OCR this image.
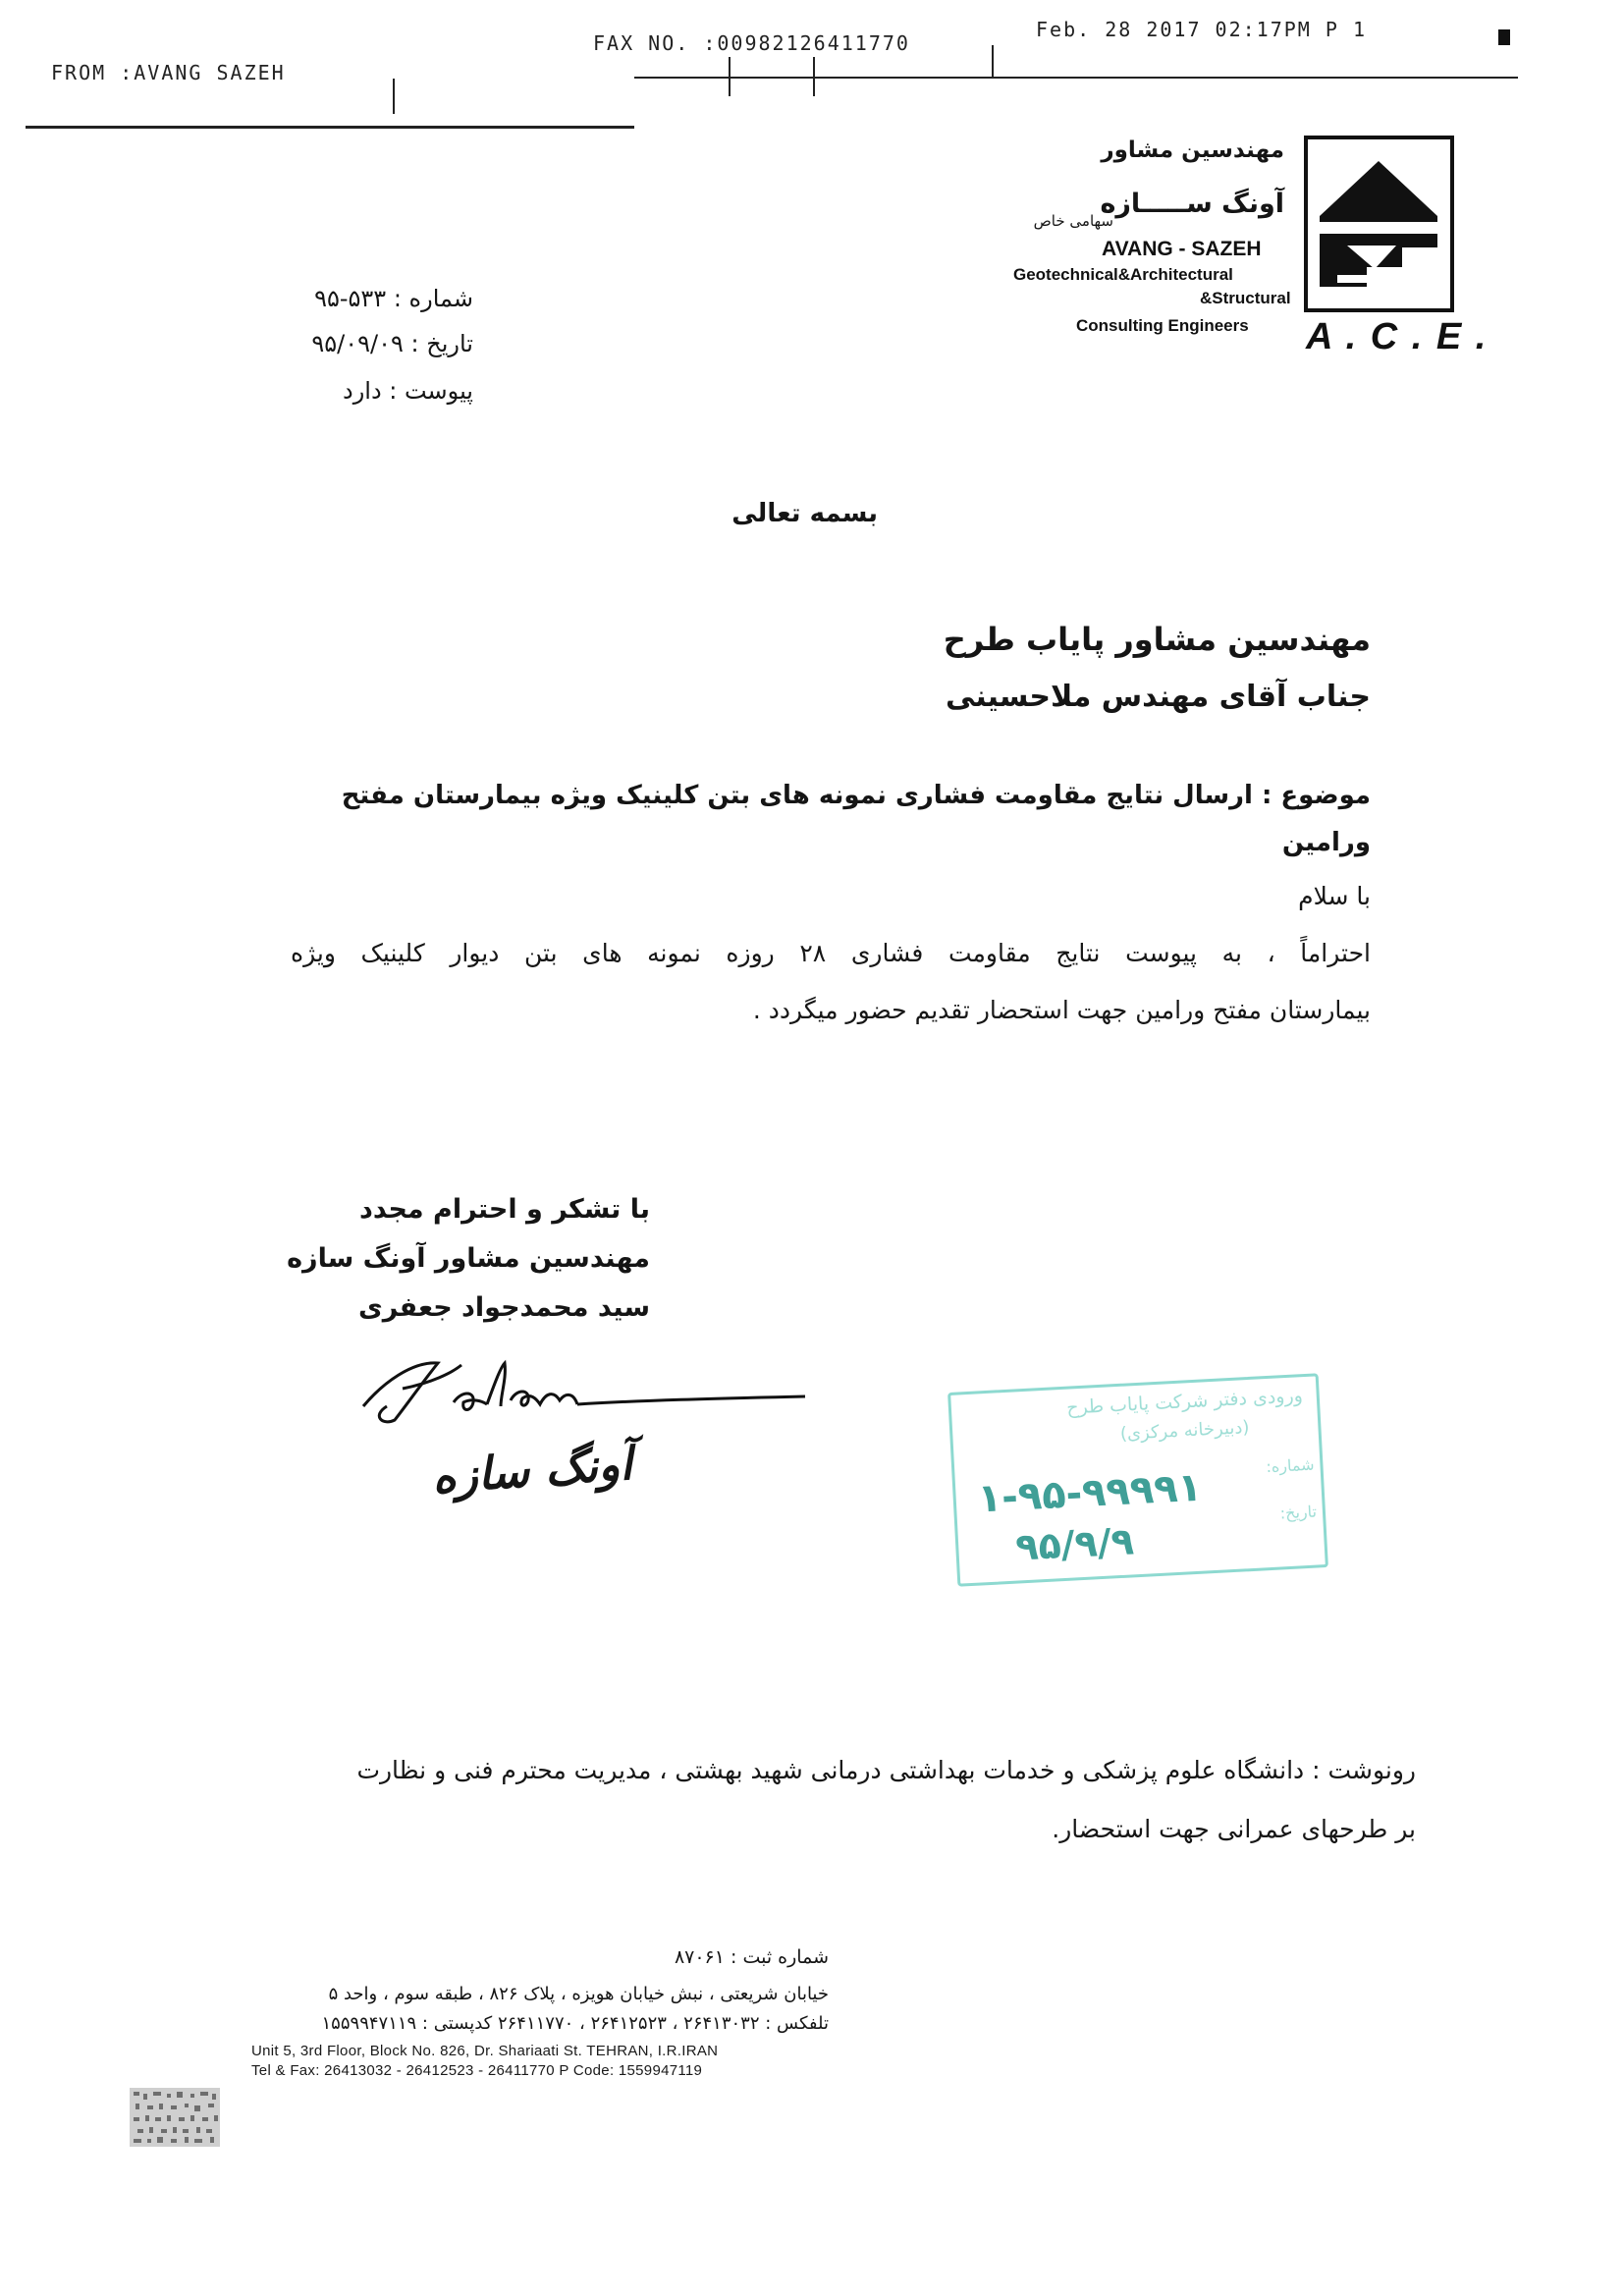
FROM :AVANG SAZEH
FAX NO. :00982126411770
Feb. 28 2017 02:17PM P 1
مهندسین مشاور
آونگ ســـــازه
سهامی خاص
AVANG - SAZEH
Geotechnical&Architectural
&Structural
Consulting Engineers A . C . E .
شماره : ۵۳۳-۹۵
تاریخ : ۹۵/۰۹/۰۹
پیوست : دارد
بسمه تعالی
مهندسین مشاور پایاب طرح
جناب آقای مهندس ملاحسینی
موضوع : ارسال نتایج مقاومت فشاری نمونه های بتن کلینیک ویژه بیمارستان مفتح ورامین
با سلام
احتراماً ، به پیوست نتایج مقاومت فشاری ۲۸ روزه نمونه های بتن دیوار کلینیک ویژه
بیمارستان مفتح ورامین جهت استحضار تقدیم حضور میگردد .
با تشکر و احترام مجدد
مهندسین مشاور آونگ سازه
سید محمدجواد جعفری
آونگ سازه
ورودی دفتر شرکت پایاب طرح
(دبیرخانه مرکزی)
شماره:
تاریخ:
۱-۹۵-۹۹۹۹۱
۹۵/۹/۹
رونوشت : دانشگاه علوم پزشکی و خدمات بهداشتی درمانی شهید بهشتی ، مدیریت محترم فنی و نظارت
بر طرحهای عمرانی جهت استحضار.
شماره ثبت : ۸۷۰۶۱
خیابان شریعتی ، نبش خیابان هویزه ، پلاک ۸۲۶ ، طبقه سوم ، واحد ۵
تلفکس : ۲۶۴۱۳۰۳۲ ، ۲۶۴۱۲۵۲۳ ، ۲۶۴۱۱۷۷۰ کدپستی : ۱۵۵۹۹۴۷۱۱۹
Unit 5, 3rd Floor, Block No. 826, Dr. Shariaati St. TEHRAN, I.R.IRAN
Tel & Fax: 26413032 - 26412523 - 26411770 P Code: 1559947119
